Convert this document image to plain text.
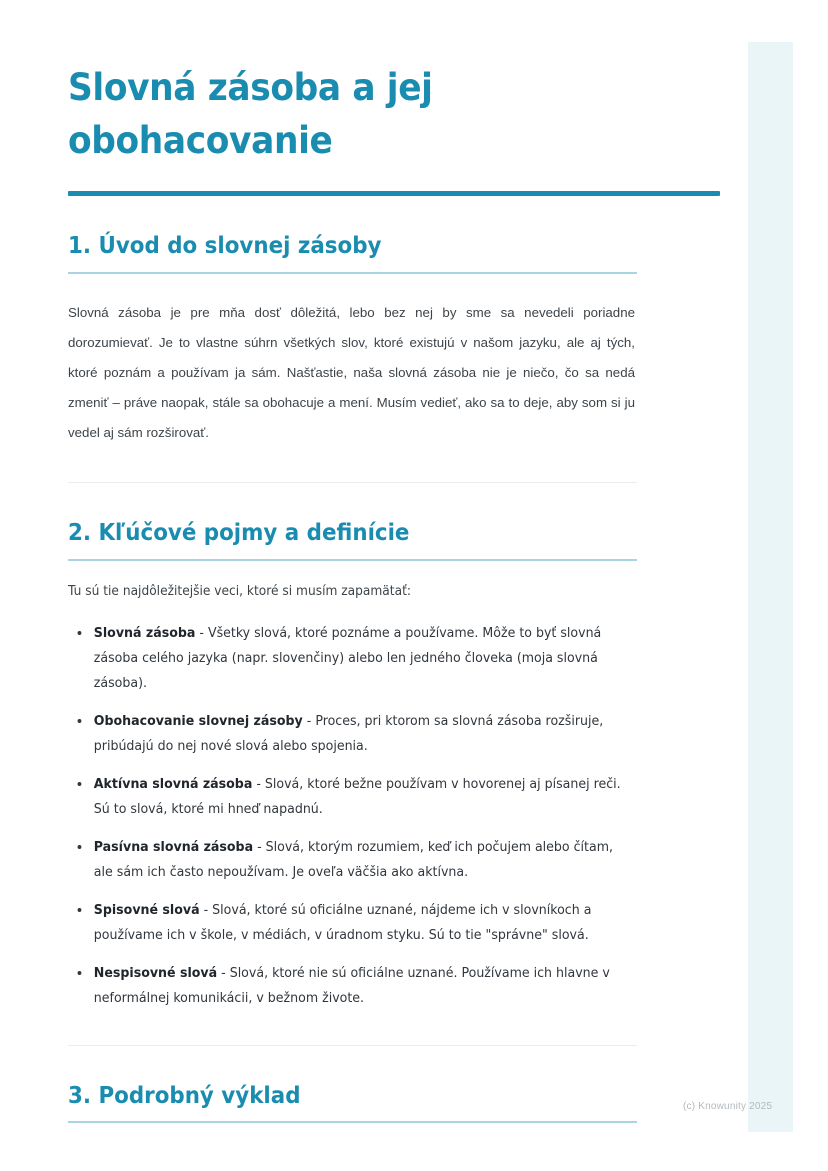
Slovná zásoba a jej obohacovanie
1. Úvod do slovnej zásoby

Slovná zásoba je pre mňa dosť dôležitá, lebo bez nej by sme sa nevedeli poriadne dorozumievať. Je to vlastne súhrn všetkých slov, ktoré existujú v našom jazyku, ale aj tých, ktoré poznám a používam ja sám. Našťastie, naša slovná zásoba nie je niečo, čo sa nedá zmeniť – práve naopak, stále sa obohacuje a mení. Musím vedieť, ako sa to deje, aby som si ju vedel aj sám rozširovať.

2. Kľúčové pojmy a definície

Tu sú tie najdôležitejšie veci, ktoré si musím zapamätať:

Slovná zásoba - Všetky slová, ktoré poznáme a používame. Môže to byť slovná zásoba celého jazyka (napr. slovenčiny) alebo len jedného človeka (moja slovná zásoba).
Obohacovanie slovnej zásoby - Proces, pri ktorom sa slovná zásoba rozširuje, pribúdajú do nej nové slová alebo spojenia.
Aktívna slovná zásoba - Slová, ktoré bežne používam v hovorenej aj písanej reči. Sú to slová, ktoré mi hneď napadnú.
Pasívna slovná zásoba - Slová, ktorým rozumiem, keď ich počujem alebo čítam, ale sám ich často nepoužívam. Je oveľa väčšia ako aktívna.
Spisovné slová - Slová, ktoré sú oficiálne uznané, nájdeme ich v slovníkoch a používame ich v škole, v médiách, v úradnom styku. Sú to tie "správne" slová.
Nespisovné slová - Slová, ktoré nie sú oficiálne uznané. Používame ich hlavne v neformálnej komunikácii, v bežnom živote.
3. Podrobný výklad	(c) Knowunity 2025
